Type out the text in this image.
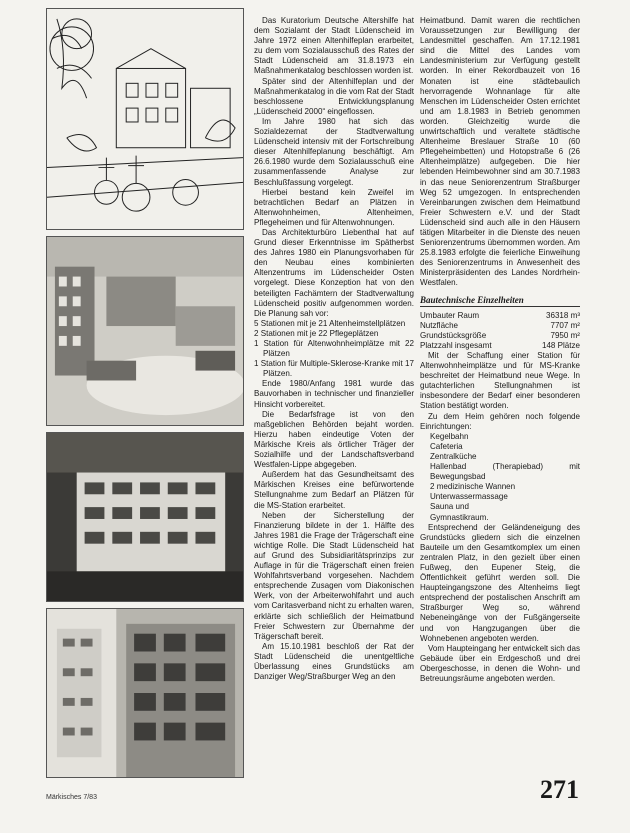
Das Kuratorium Deutsche Altershilfe hat dem Sozialamt der Stadt Lüdenscheid im Jahre 1972 einen Altenhilfeplan erarbeitet, zu dem vom Sozialausschuß des Rates der Stadt Lüdenscheid am 31.8.1973 ein Maßnahmenkatalog beschlossen worden ist.

Später sind der Altenhilfeplan und der Maßnahmenkatalog in die vom Rat der Stadt beschlossene Entwicklungsplanung „Lüdenscheid 2000“ eingeflossen.

Im Jahre 1980 hat sich das Sozialdezernat der Stadtverwaltung Lüdenscheid intensiv mit der Fortschreibung dieser Altenhilfeplanung beschäftigt. Am 26.6.1980 wurde dem Sozialausschuß eine zusammenfassende Analyse zur Beschlußfassung vorgelegt.

Hierbei bestand kein Zweifel im betrachtlichen Bedarf an Plätzen in Altenwohnheimen, Altenheimen, Pflegeheimen und für Altenwohnungen.

Das Architekturbüro Liebenthal hat auf Grund dieser Erkenntnisse im Spätherbst des Jahres 1980 ein Planungsvorhaben für den Neubau eines kombinierten Altenzentrums im Lüdenscheider Osten vorgelegt. Diese Konzeption hat von den beteiligten Fachämtern der Stadtverwaltung Lüdenscheid positiv aufgenommen worden. Die Planung sah vor:

5 Stationen mit je 21 Altenheimstellplätzen

2 Stationen mit je 22 Pflegeplätzen

1 Station für Altenwohnheimplätze mit 22 Plätzen

1 Station für Multiple-Sklerose-Kranke mit 17 Plätzen.

Ende 1980/Anfang 1981 wurde das Bauvorhaben in technischer und finanzieller Hinsicht vorbereitet.

Die Bedarfsfrage ist von den maßgeblichen Behörden bejaht worden. Hierzu haben eindeutige Voten der Märkische Kreis als örtlicher Träger der Sozialhilfe und der Landschaftsverband Westfalen-Lippe abgegeben.

Außerdem hat das Gesundheitsamt des Märkischen Kreises eine befürwortende Stellungnahme zum Bedarf an Plätzen für die MS-Station erarbeitet.

Neben der Sicherstellung der Finanzierung bildete in der 1. Hälfte des Jahres 1981 die Frage der Trägerschaft eine wichtige Rolle. Die Stadt Lüdenscheid hat auf Grund des Subsidiaritätsprinzips zur Auflage in für die Trägerschaft einen freien Wohlfahrtsverband vorgesehen. Nachdem entsprechende Zusagen vom Diakonischen Werk, von der Arbeiterwohlfahrt und auch vom Caritasverband nicht zu erhalten waren, erklärte sich schließlich der Heimatbund Freier Schwestern zur Übernahme der Trägerschaft bereit.

Am 15.10.1981 beschloß der Rat der Stadt Lüdenscheid die unentgeltliche Überlassung eines Grundstücks am Danziger Weg/Straßburger Weg an den

Heimatbund. Damit waren die rechtlichen Voraussetzungen zur Bewilligung der Landesmittel geschaffen. Am 17.12.1981 sind die Mittel des Landes vom Landesministerium zur Verfügung gestellt worden. In einer Rekordbauzeit von 16 Monaten ist eine städtebaulich hervorragende Wohnanlage für alte Menschen im Lüdenscheider Osten errichtet und am 1.8.1983 in Betrieb genommen worden. Gleichzeitig wurde die unwirtschaftlich und veraltete städtische Altenheime Breslauer Straße 10 (60 Pflegeheimbetten) und Hotopstraße 6 (26 Altenheimplätze) aufgegeben. Die hier lebenden Heimbewohner sind am 30.7.1983 in das neue Seniorenzentrum Straßburger Weg 52 umgezogen. In entsprechenden Vereinbarungen zwischen dem Heimatbund Freier Schwestern e.V. und der Stadt Lüdenscheid sind auch alle in den Häusern tätigen Mitarbeiter in die Dienste des neuen Seniorenzentrums übernommen worden. Am 25.8.1983 erfolgte die feierliche Einweihung des Seniorenzentrums in Anwesenheit des Ministerpräsidenten des Landes Nordrhein-Westfalen.

Bautechnische Einzelheiten
Umbauter Raum	36318 m³
Nutzfläche	7707 m²
Grundstücksgröße	7950 m²
Platzzahl insgesamt	148 Plätze

Mit der Schaffung einer Station für Altenwohnheimplätze und für MS-Kranke beschreitet der Heimatbund neue Wege. In gutachterlichen Stellungnahmen ist insbesondere der Bedarf einer besonderen Station bestätigt worden.

Zu dem Heim gehören noch folgende Einrichtungen:

Kegelbahn

Cafeteria

Zentralküche

Hallenbad (Therapiebad) mit Bewegungsbad

2 medizinische Wannen

Unterwassermassage

Sauna und

Gymnastikraum.

Entsprechend der Geländeneigung des Grundstücks gliedern sich die einzelnen Bauteile um den Gesamtkomplex um einen zentralen Platz, in den gezielt über einen Fußweg, den Eupener Steig, die Öffentlichkeit geführt werden soll. Die Haupteingangszone des Altenheims liegt entsprechend der postalischen Anschrift am Straßburger Weg so, während Nebeneingänge von der Fußgängerseite und von Hangzugangen über die Wohnebenen angeboten werden.

Vom Haupteingang her entwickelt sich das Gebäude über ein Erdgeschoß und drei Obergeschosse, in denen die Wohn- und Betreuungsräume angeboten werden.

Märkisches 7/83	271
